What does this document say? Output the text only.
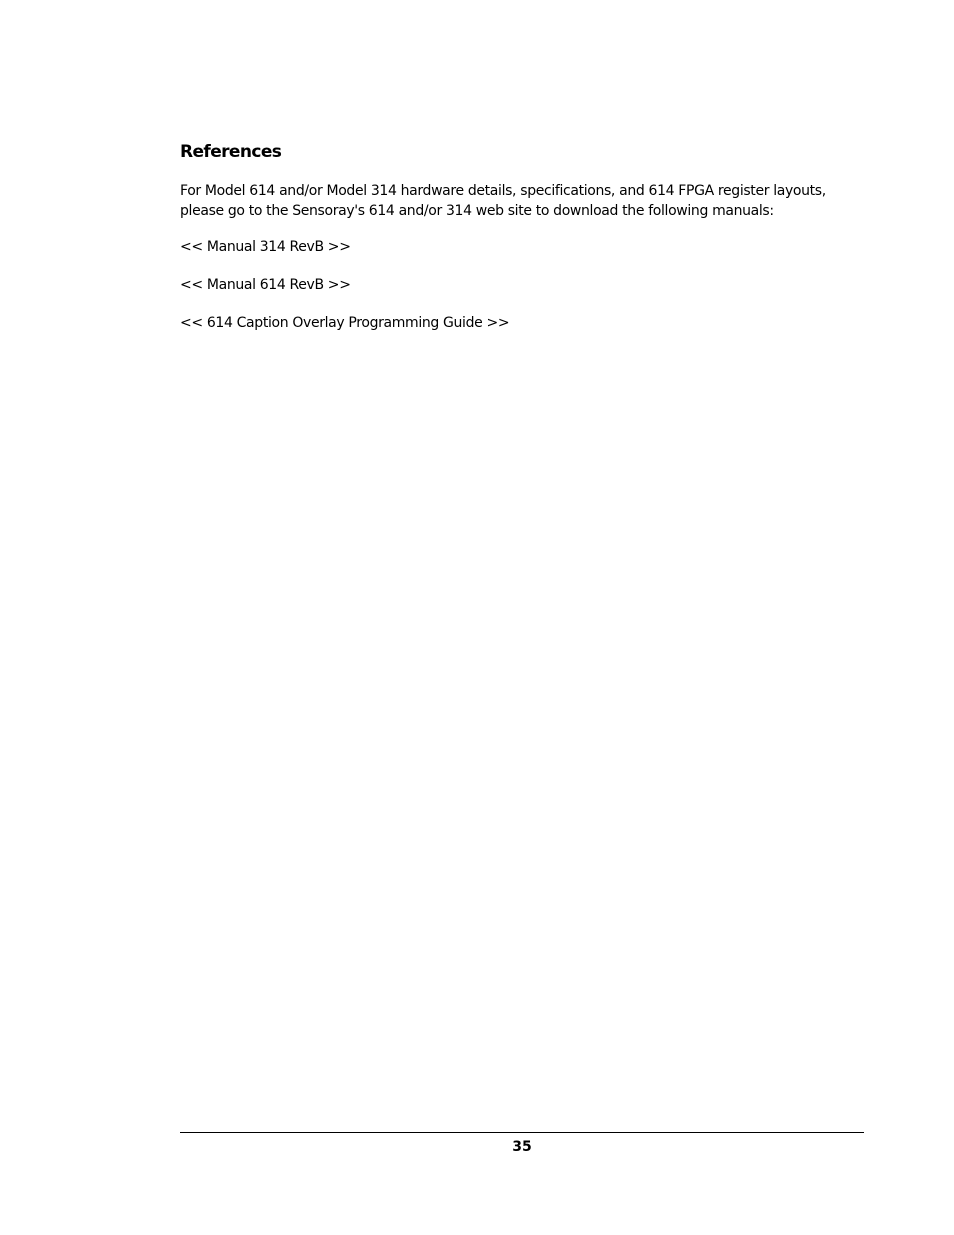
References

For Model 614 and/or Model 314 hardware details, specifications, and 614 FPGA register layouts, please go to the Sensoray's 614 and/or 314 web site to download the following manuals:

<< Manual 314 RevB >>
<< Manual 614 RevB >>
<< 614 Caption Overlay Programming Guide >>
35
